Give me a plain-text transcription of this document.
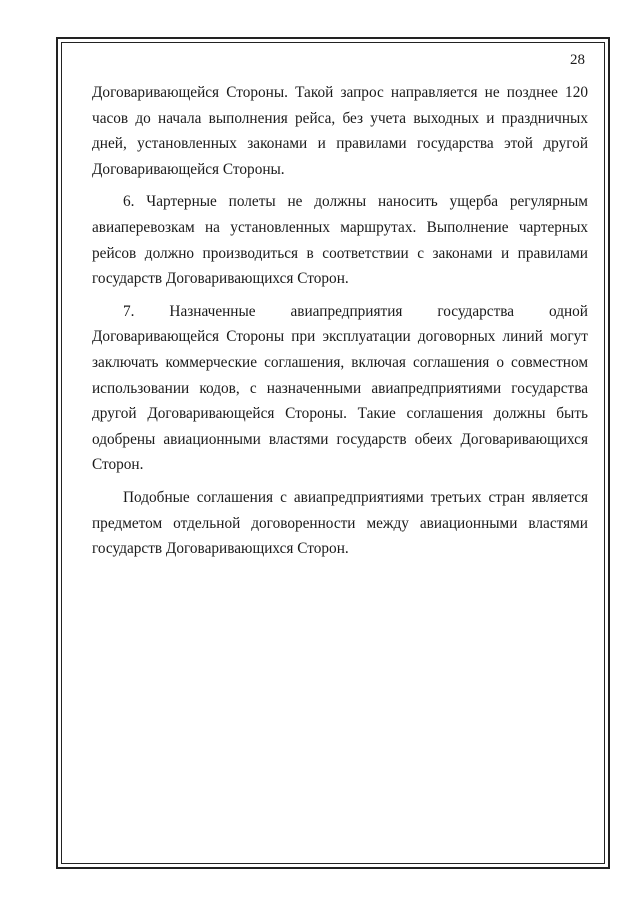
28

Договаривающейся Стороны. Такой запрос направляется не позднее 120 часов до начала выполнения рейса, без учета выходных и праздничных дней, установленных законами и правилами государства этой другой Договаривающейся Стороны.

6. Чартерные полеты не должны наносить ущерба регулярным авиаперевозкам на установленных маршрутах. Выполнение чартерных рейсов должно производиться в соответствии с законами и правилами государств Договаривающихся Сторон.

7. Назначенные авиапредприятия государства одной

Договаривающейся Стороны при эксплуатации договорных линий могут заключать коммерческие соглашения, включая соглашения о совместном использовании кодов, с назначенными авиапредприятиями государства другой Договаривающейся Стороны. Такие соглашения должны быть одобрены авиационными властями государств обеих Договаривающихся Сторон.

Подобные соглашения с авиапредприятиями третьих стран является предметом отдельной договоренности между авиационными властями государств Договаривающихся Сторон.
